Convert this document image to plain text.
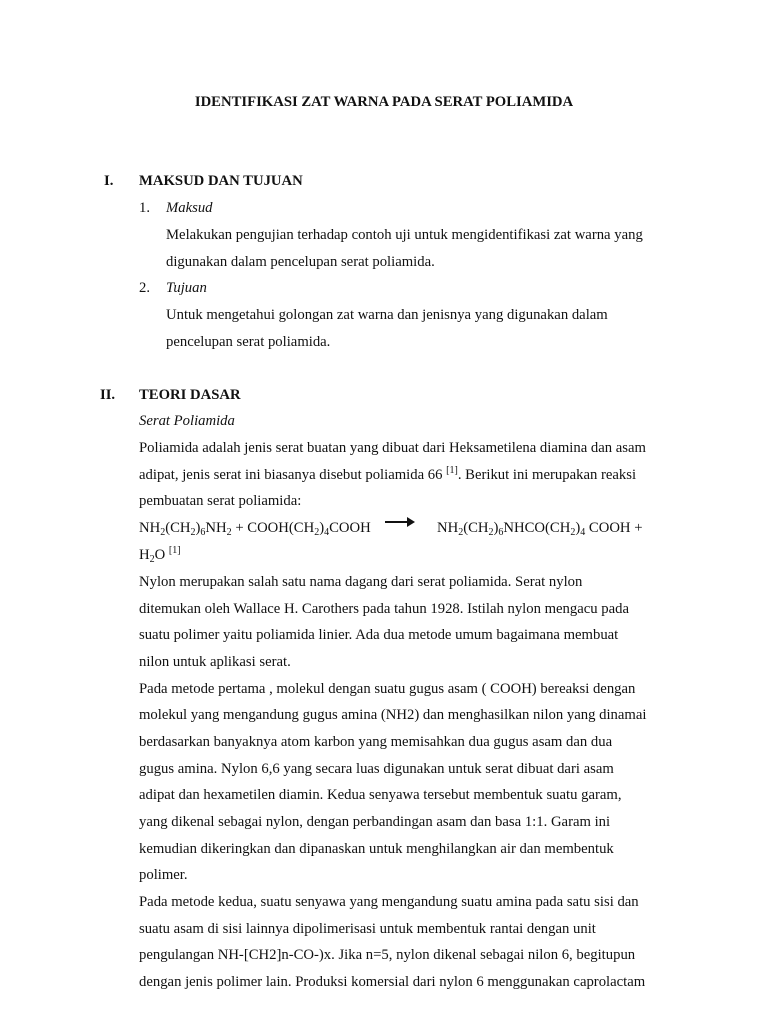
IDENTIFIKASI ZAT WARNA PADA SERAT POLIAMIDA
I. MAKSUD DAN TUJUAN
1. Maksud
Melakukan pengujian terhadap contoh uji untuk mengidentifikasi zat warna yang
digunakan dalam pencelupan serat poliamida.
2. Tujuan
Untuk mengetahui golongan zat warna dan jenisnya yang digunakan dalam
pencelupan serat poliamida.
II. TEORI DASAR
Serat Poliamida
Poliamida adalah jenis serat buatan yang dibuat dari Heksametilena diamina dan asam
adipat, jenis serat ini biasanya disebut poliamida 66 [1]. Berikut ini merupakan reaksi
pembuatan serat poliamida:
$NH_2(CH_2)_6NH_2$ + $COOH(CH_2)_4COOH$ → $NH_2(CH_2)_6NHCO(CH_2)_4$ COOH +
$H_2O$ [1]
Nylon merupakan salah satu nama dagang dari serat poliamida. Serat nylon
ditemukan oleh Wallace H. Carothers pada tahun 1928. Istilah nylon mengacu pada
suatu polimer yaitu poliamida linier. Ada dua metode umum bagaimana membuat
nilon untuk aplikasi serat.
Pada metode pertama , molekul dengan suatu gugus asam ( COOH) bereaksi dengan
molekul yang mengandung gugus amina (NH2) dan menghasilkan nilon yang dinamai
berdasarkan banyaknya atom karbon yang memisahkan dua gugus asam dan dua
gugus amina. Nylon 6,6 yang secara luas digunakan untuk serat dibuat dari asam
adipat dan hexametilen diamin. Kedua senyawa tersebut membentuk suatu garam,
yang dikenal sebagai nylon, dengan perbandingan asam dan basa 1:1. Garam ini
kemudian dikeringkan dan dipanaskan untuk menghilangkan air dan membentuk
polimer.
Pada metode kedua, suatu senyawa yang mengandung suatu amina pada satu sisi dan
suatu asam di sisi lainnya dipolimerisasi untuk membentuk rantai dengan unit
pengulangan NH-[CH2]n-CO-)x. Jika n=5, nylon dikenal sebagai nilon 6, begitupun
dengan jenis polimer lain. Produksi komersial dari nylon 6 menggunakan caprolactam
